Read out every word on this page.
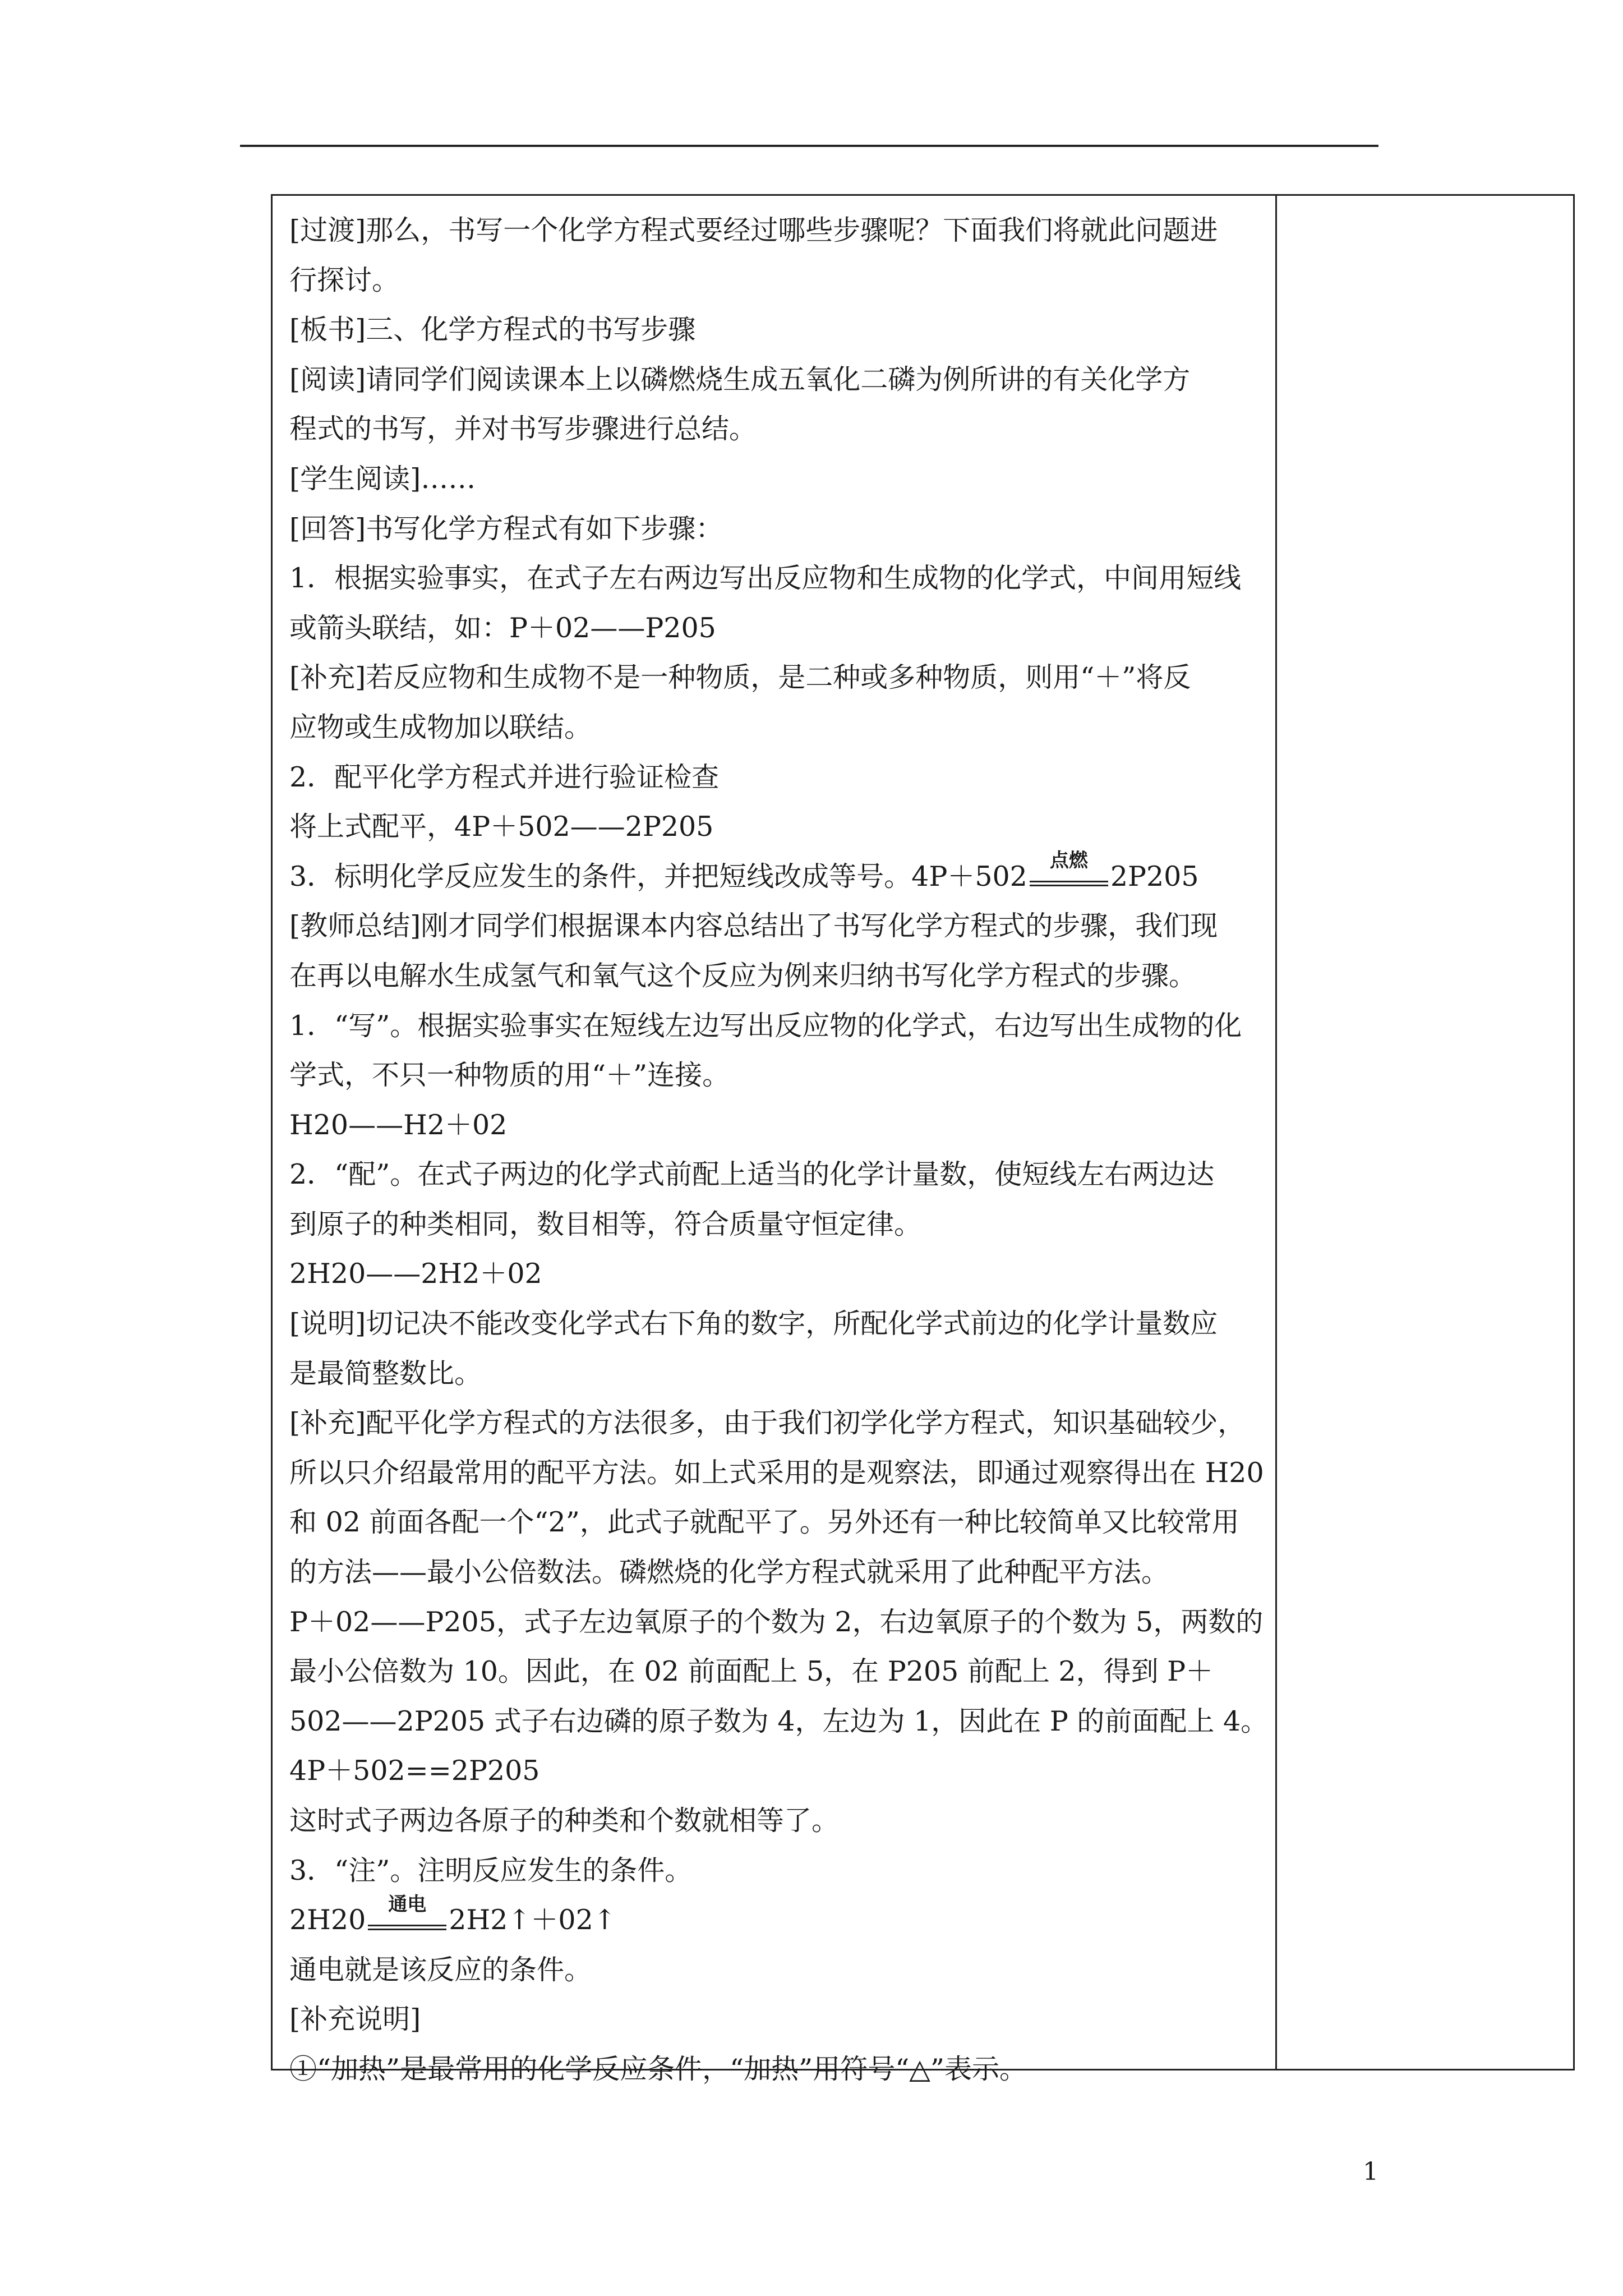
[过渡]那么，书写一个化学方程式要经过哪些步骤呢？下面我们将就此问题进
行探讨。
[板书]三、化学方程式的书写步骤
[阅读]请同学们阅读课本上以磷燃烧生成五氧化二磷为例所讲的有关化学方
程式的书写，并对书写步骤进行总结。
[学生阅读]……
[回答]书写化学方程式有如下步骤：
1．根据实验事实，在式子左右两边写出反应物和生成物的化学式，中间用短线
或箭头联结，如：P＋02——P205
[补充]若反应物和生成物不是一种物质，是二种或多种物质，则用“＋”将反
应物或生成物加以联结。
2．配平化学方程式并进行验证检查
将上式配平，4P＋502——2P205
3．标明化学反应发生的条件，并把短线改成等号。4P＋502	点燃 2P205
[教师总结]刚才同学们根据课本内容总结出了书写化学方程式的步骤，我们现
在再以电解水生成氢气和氧气这个反应为例来归纳书写化学方程式的步骤。
1．“写”。根据实验事实在短线左边写出反应物的化学式，右边写出生成物的化
学式，不只一种物质的用“＋”连接。
H20——H2＋02
2．“配”。在式子两边的化学式前配上适当的化学计量数，使短线左右两边达
到原子的种类相同，数目相等，符合质量守恒定律。
2H20——2H2＋02
[说明]切记决不能改变化学式右下角的数字，所配化学式前边的化学计量数应
是最简整数比。
[补充]配平化学方程式的方法很多，由于我们初学化学方程式，知识基础较少，
所以只介绍最常用的配平方法。如上式采用的是观察法，即通过观察得出在 H20
和 02 前面各配一个“2”，此式子就配平了。另外还有一种比较简单又比较常用
的方法——最小公倍数法。磷燃烧的化学方程式就采用了此种配平方法。
P＋02——P205，式子左边氧原子的个数为 2，右边氧原子的个数为 5，两数的
最小公倍数为 10。因此，在 02 前面配上 5，在 P205 前配上 2，得到 P＋
502——2P205 式子右边磷的原子数为 4，左边为 1，因此在 P 的前面配上 4。
4P＋502==2P205
这时式子两边各原子的种类和个数就相等了。
3．“注”。注明反应发生的条件。
2H20	通电 2H2↑＋02↑
通电就是该反应的条件。
[补充说明]
①“加热”是最常用的化学反应条件，“加热”用符号“△”表示。
1
